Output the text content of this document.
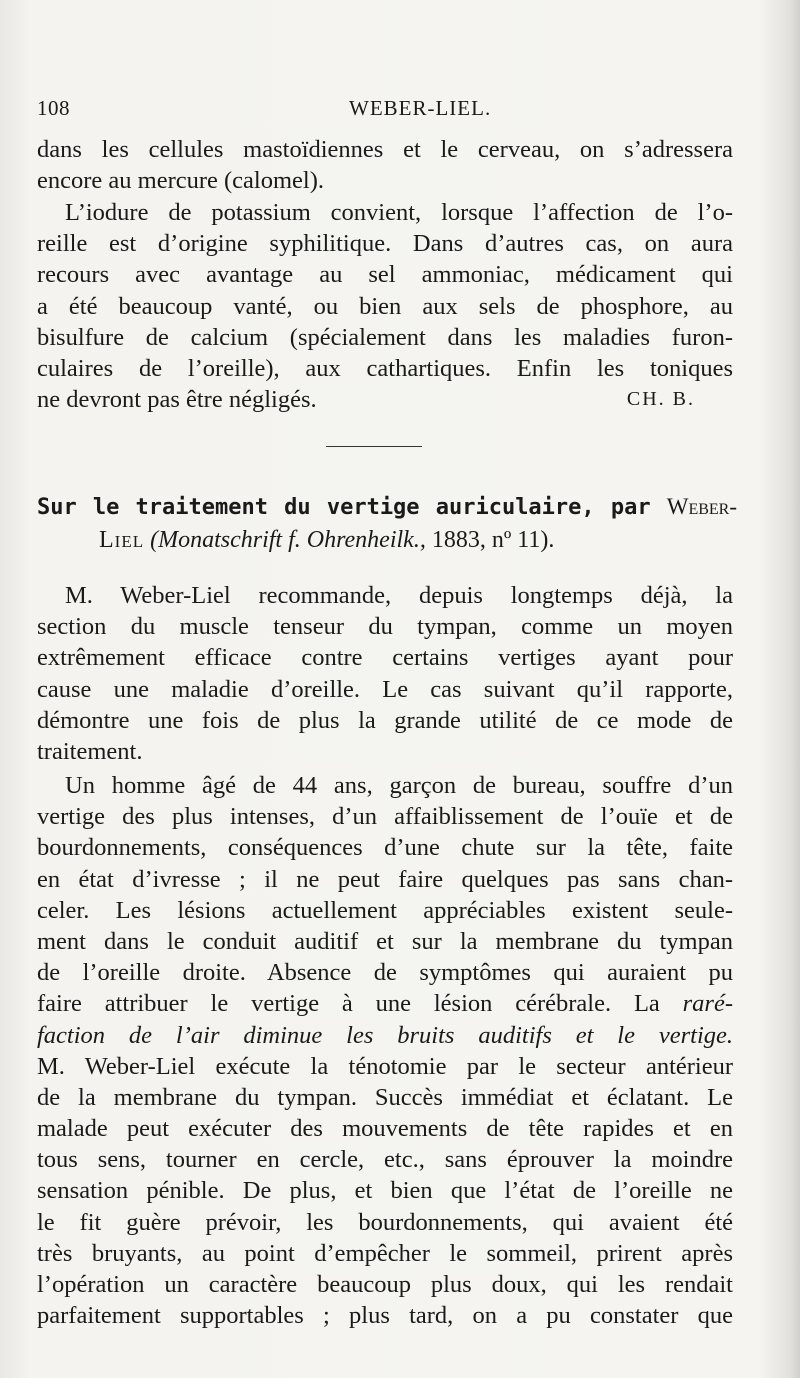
108	WEBER-LIEL.
dans les cellules mastoïdiennes et le cerveau, on s’adressera
encore au mercure (calomel).
L’iodure de potassium convient, lorsque l’affection de l’o-
reille est d’origine syphilitique. Dans d’autres cas, on aura
recours avec avantage au sel ammoniac, médicament qui
a été beaucoup vanté, ou bien aux sels de phosphore, au
bisulfure de calcium (spécialement dans les maladies furon-
culaires de l’oreille), aux cathartiques. Enfin les toniques
ne devront pas être négligés.	CH. B.
Sur le traitement du vertige auriculaire, par Weber-
Liel (Monatschrift f. Ohrenheilk., 1883, nº 11).
M. Weber-Liel recommande, depuis longtemps déjà, la
section du muscle tenseur du tympan, comme un moyen
extrêmement efficace contre certains vertiges ayant pour
cause une maladie d’oreille. Le cas suivant qu’il rapporte,
démontre une fois de plus la grande utilité de ce mode de
traitement.
Un homme âgé de 44 ans, garçon de bureau, souffre d’un
vertige des plus intenses, d’un affaiblissement de l’ouïe et de
bourdonnements, conséquences d’une chute sur la tête, faite
en état d’ivresse ; il ne peut faire quelques pas sans chan-
celer. Les lésions actuellement appréciables existent seule-
ment dans le conduit auditif et sur la membrane du tympan
de l’oreille droite. Absence de symptômes qui auraient pu
faire attribuer le vertige à une lésion cérébrale. La raré-
faction de l’air diminue les bruits auditifs et le vertige.
M. Weber-Liel exécute la ténotomie par le secteur antérieur
de la membrane du tympan. Succès immédiat et éclatant. Le
malade peut exécuter des mouvements de tête rapides et en
tous sens, tourner en cercle, etc., sans éprouver la moindre
sensation pénible. De plus, et bien que l’état de l’oreille ne
le fit guère prévoir, les bourdonnements, qui avaient été
très bruyants, au point d’empêcher le sommeil, prirent après
l’opération un caractère beaucoup plus doux, qui les rendait
parfaitement supportables ; plus tard, on a pu constater que
